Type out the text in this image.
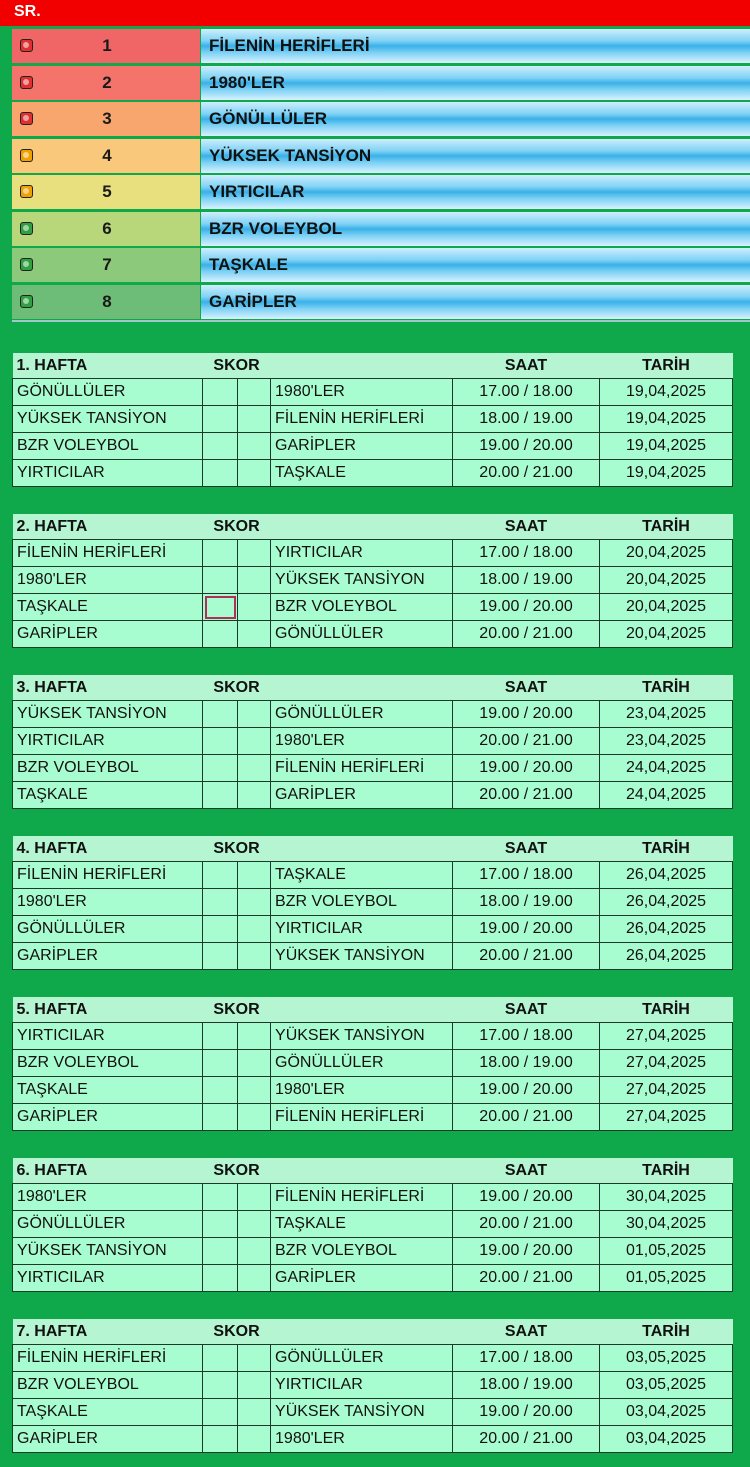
SR.
1	FİLENİN HERİFLERİ
2	1980'LER
3	GÖNÜLLÜLER
4	YÜKSEK TANSİYON
5	YIRTICILAR
6	BZR VOLEYBOL
7	TAŞKALE
8	GARİPLER
1. HAFTA	SKOR			SAAT	TARİH
GÖNÜLLÜLER			1980'LER	17.00 / 18.00	19,04,2025
YÜKSEK TANSİYON			FİLENİN HERİFLERİ	18.00 / 19.00	19,04,2025
BZR VOLEYBOL			GARİPLER	19.00 / 20.00	19,04,2025
YIRTICILAR			TAŞKALE	20.00 / 21.00	19,04,2025
2. HAFTA	SKOR			SAAT	TARİH
FİLENİN HERİFLERİ			YIRTICILAR	17.00 / 18.00	20,04,2025
1980'LER			YÜKSEK TANSİYON	18.00 / 19.00	20,04,2025
TAŞKALE			BZR VOLEYBOL	19.00 / 20.00	20,04,2025
GARİPLER			GÖNÜLLÜLER	20.00 / 21.00	20,04,2025
3. HAFTA	SKOR			SAAT	TARİH
YÜKSEK TANSİYON			GÖNÜLLÜLER	19.00 / 20.00	23,04,2025
YIRTICILAR			1980'LER	20.00 / 21.00	23,04,2025
BZR VOLEYBOL			FİLENİN HERİFLERİ	19.00 / 20.00	24,04,2025
TAŞKALE			GARİPLER	20.00 / 21.00	24,04,2025
4. HAFTA	SKOR			SAAT	TARİH
FİLENİN HERİFLERİ			TAŞKALE	17.00 / 18.00	26,04,2025
1980'LER			BZR VOLEYBOL	18.00 / 19.00	26,04,2025
GÖNÜLLÜLER			YIRTICILAR	19.00 / 20.00	26,04,2025
GARİPLER			YÜKSEK TANSİYON	20.00 / 21.00	26,04,2025
5. HAFTA	SKOR			SAAT	TARİH
YIRTICILAR			YÜKSEK TANSİYON	17.00 / 18.00	27,04,2025
BZR VOLEYBOL			GÖNÜLLÜLER	18.00 / 19.00	27,04,2025
TAŞKALE			1980'LER	19.00 / 20.00	27,04,2025
GARİPLER			FİLENİN HERİFLERİ	20.00 / 21.00	27,04,2025
6. HAFTA	SKOR			SAAT	TARİH
1980'LER			FİLENİN HERİFLERİ	19.00 / 20.00	30,04,2025
GÖNÜLLÜLER			TAŞKALE	20.00 / 21.00	30,04,2025
YÜKSEK TANSİYON			BZR VOLEYBOL	19.00 / 20.00	01,05,2025
YIRTICILAR			GARİPLER	20.00 / 21.00	01,05,2025
7. HAFTA	SKOR			SAAT	TARİH
FİLENİN HERİFLERİ			GÖNÜLLÜLER	17.00 / 18.00	03,05,2025
BZR VOLEYBOL			YIRTICILAR	18.00 / 19.00	03,05,2025
TAŞKALE			YÜKSEK TANSİYON	19.00 / 20.00	03,04,2025
GARİPLER			1980'LER	20.00 / 21.00	03,04,2025
